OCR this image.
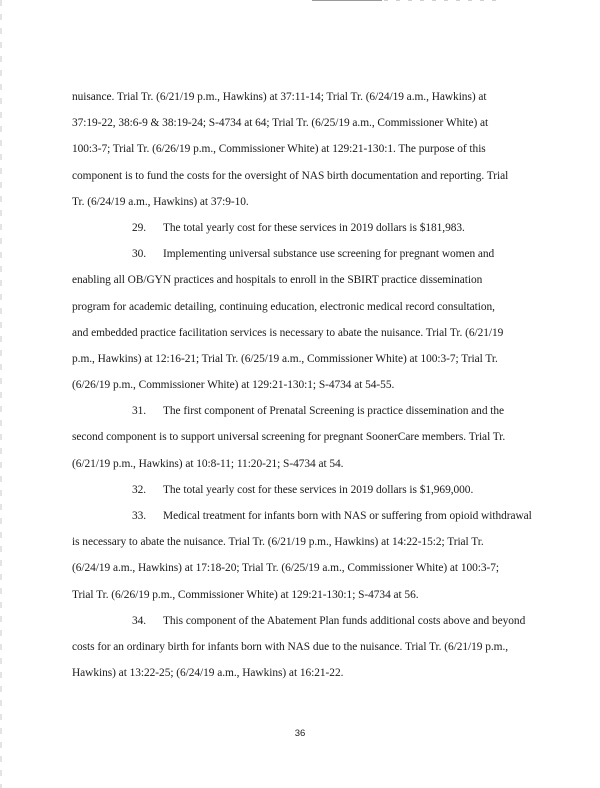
nuisance. Trial Tr. (6/21/19 p.m., Hawkins) at 37:11-14; Trial Tr. (6/24/19 a.m., Hawkins) at
37:19-22, 38:6-9 & 38:19-24; S-4734 at 64; Trial Tr. (6/25/19 a.m., Commissioner White) at
100:3-7; Trial Tr. (6/26/19 p.m., Commissioner White) at 129:21-130:1. The purpose of this
component is to fund the costs for the oversight of NAS birth documentation and reporting. Trial
Tr. (6/24/19 a.m., Hawkins) at 37:9-10.
29. The total yearly cost for these services in 2019 dollars is $181,983.
30. Implementing universal substance use screening for pregnant women and
enabling all OB/GYN practices and hospitals to enroll in the SBIRT practice dissemination
program for academic detailing, continuing education, electronic medical record consultation,
and embedded practice facilitation services is necessary to abate the nuisance. Trial Tr. (6/21/19
p.m., Hawkins) at 12:16-21; Trial Tr. (6/25/19 a.m., Commissioner White) at 100:3-7; Trial Tr.
(6/26/19 p.m., Commissioner White) at 129:21-130:1; S-4734 at 54-55.
31. The first component of Prenatal Screening is practice dissemination and the
second component is to support universal screening for pregnant SoonerCare members. Trial Tr.
(6/21/19 p.m., Hawkins) at 10:8-11; 11:20-21; S-4734 at 54.
32. The total yearly cost for these services in 2019 dollars is $1,969,000.
33. Medical treatment for infants born with NAS or suffering from opioid withdrawal
is necessary to abate the nuisance. Trial Tr. (6/21/19 p.m., Hawkins) at 14:22-15:2; Trial Tr.
(6/24/19 a.m., Hawkins) at 17:18-20; Trial Tr. (6/25/19 a.m., Commissioner White) at 100:3-7;
Trial Tr. (6/26/19 p.m., Commissioner White) at 129:21-130:1; S-4734 at 56.
34. This component of the Abatement Plan funds additional costs above and beyond
costs for an ordinary birth for infants born with NAS due to the nuisance. Trial Tr. (6/21/19 p.m.,
Hawkins) at 13:22-25; (6/24/19 a.m., Hawkins) at 16:21-22.
36
